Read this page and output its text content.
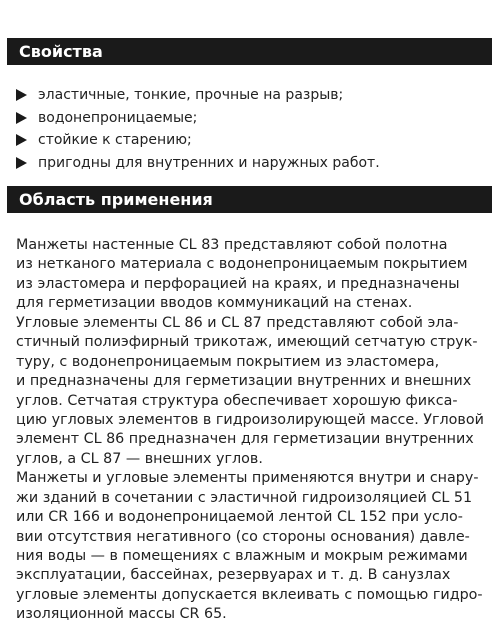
Свойства
эластичные, тонкие, прочные на разрыв;
водонепроницаемые;
стойкие к старению;
пригодны для внутренних и наружных работ.
Область применения
Манжеты настенные CL 83 представляют собой полотна
из нетканого материала с водонепроницаемым покрытием
из эластомера и перфорацией на краях, и предназначены
для герметизации вводов коммуникаций на стенах.
Угловые элементы CL 86 и CL 87 представляют собой эла-
стичный полиэфирный трикотаж, имеющий сетчатую струк-
туру, с водонепроницаемым покрытием из эластомера,
и предназначены для герметизации внутренних и внешних
углов. Сетчатая структура обеспечивает хорошую фикса-
цию угловых элементов в гидроизолирующей массе. Угловой
элемент CL 86 предназначен для герметизации внутренних
углов, а CL 87 — внешних углов.
Манжеты и угловые элементы применяются внутри и снару-
жи зданий в сочетании с эластичной гидроизоляцией CL 51
или CR 166 и водонепроницаемой лентой CL 152 при усло-
вии отсутствия негативного (со стороны основания) давле-
ния воды — в помещениях с влажным и мокрым режимами
эксплуатации, бассейнах, резервуарах и т. д. В санузлах
угловые элементы допускается вклеивать с помощью гидро-
изоляционной массы CR 65.
